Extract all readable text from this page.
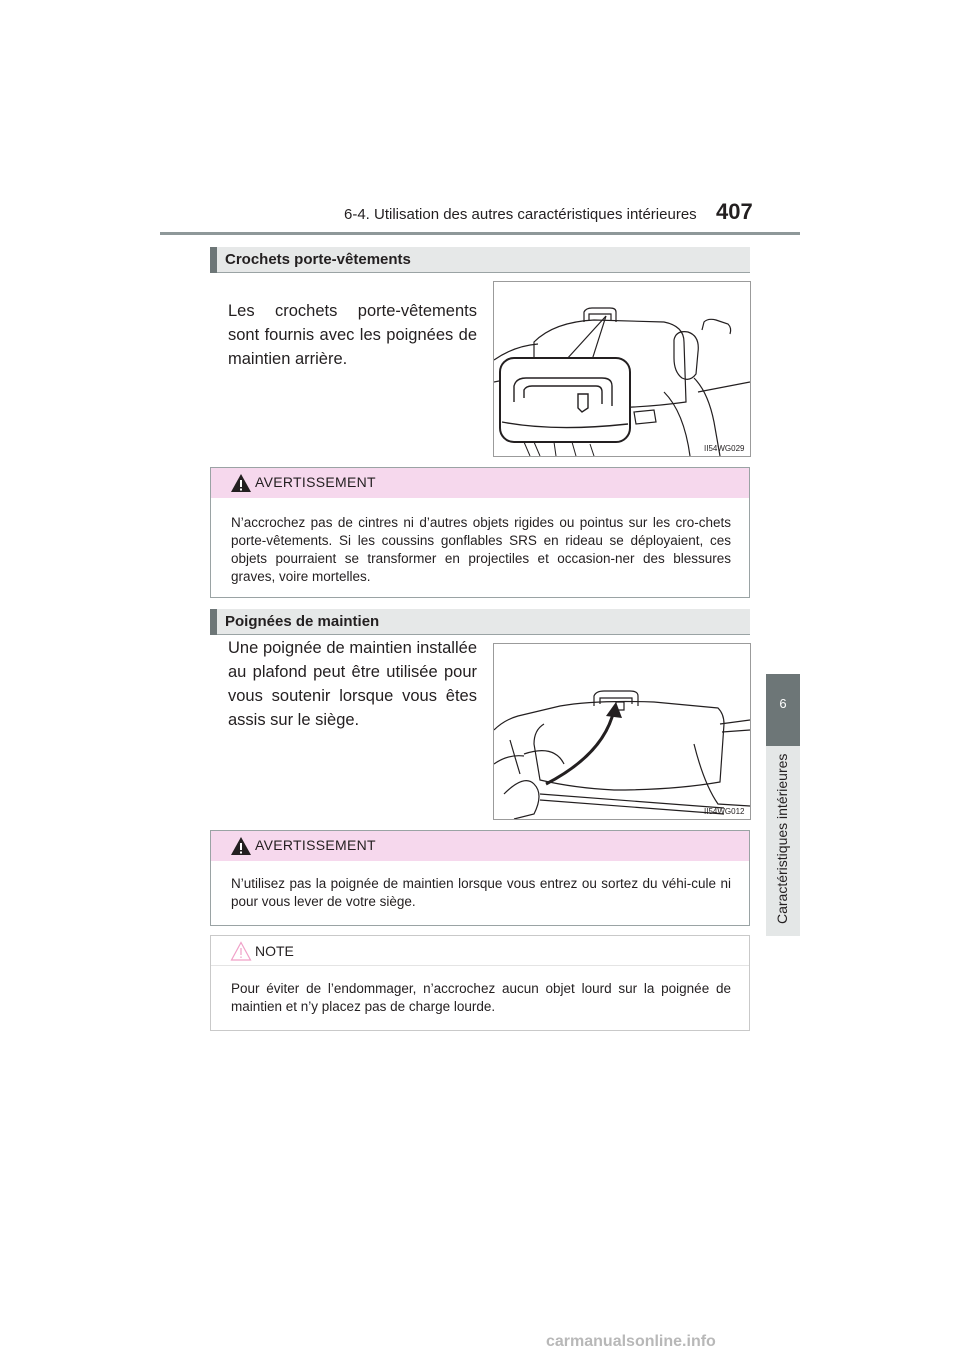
6-4. Utilisation des autres caractéristiques intérieures 407
6
Caractéristiques intérieures
Crochets porte-vêtements
Les crochets porte-vêtements sont fournis avec les poignées de maintien arrière.
II54WG029
AVERTISSEMENT
N’accrochez pas de cintres ni d’autres objets rigides ou pointus sur les cro-chets porte-vêtements. Si les coussins gonflables SRS en rideau se déployaient, ces objets pourraient se transformer en projectiles et occasion-ner des blessures graves, voire mortelles.
Poignées de maintien
Une poignée de maintien installée au plafond peut être utilisée pour vous soutenir lorsque vous êtes assis sur le siège.
II54WG012
AVERTISSEMENT
N’utilisez pas la poignée de maintien lorsque vous entrez ou sortez du véhi-cule ni pour vous lever de votre siège.
NOTE
Pour éviter de l’endommager, n’accrochez aucun objet lourd sur la poignée de maintien et n’y placez pas de charge lourde.
carmanualsonline.info
